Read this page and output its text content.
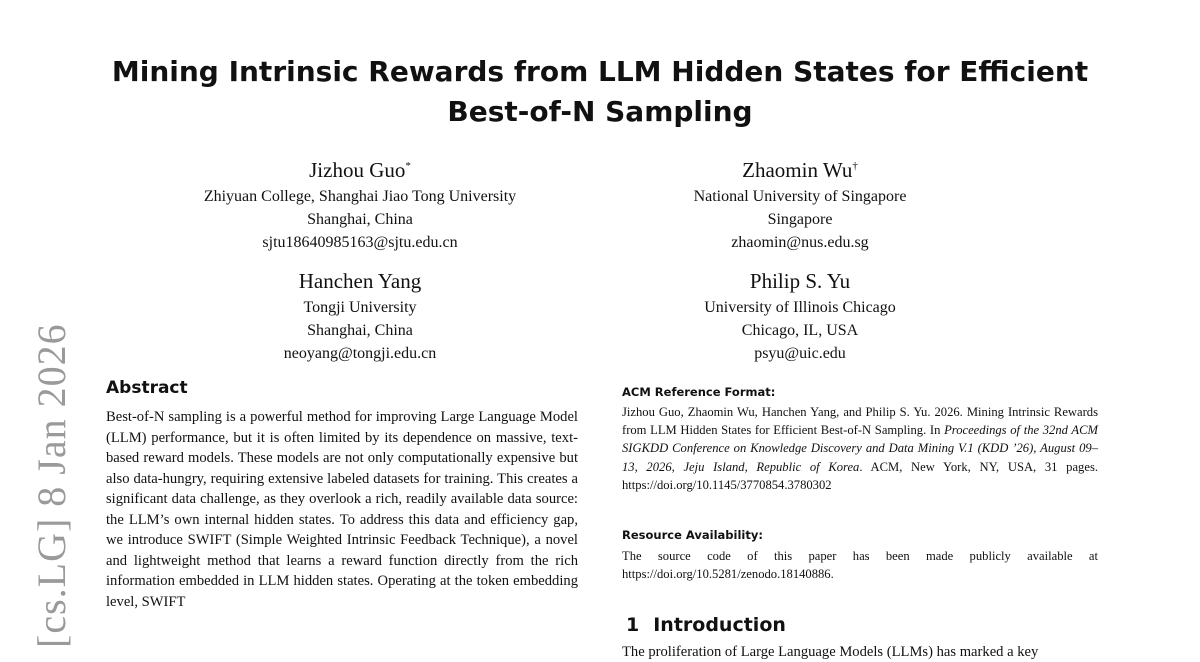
[cs.LG] 8 Jan 2026
Mining Intrinsic Rewards from LLM Hidden States for Efficient Best-of-N Sampling
Jizhou Guo*
Zhiyuan College, Shanghai Jiao Tong University
Shanghai, China
sjtu18640985163@sjtu.edu.cn
Zhaomin Wu†
National University of Singapore
Singapore
zhaomin@nus.edu.sg
Hanchen Yang
Tongji University
Shanghai, China
neoyang@tongji.edu.cn
Philip S. Yu
University of Illinois Chicago
Chicago, IL, USA
psyu@uic.edu
Abstract
Best-of-N sampling is a powerful method for improving Large Language Model (LLM) performance, but it is often limited by its dependence on massive, text-based reward models. These models are not only computationally expensive but also data-hungry, requiring extensive labeled datasets for training. This creates a significant data challenge, as they overlook a rich, readily available data source: the LLM’s own internal hidden states. To address this data and efficiency gap, we introduce SWIFT (Simple Weighted Intrinsic Feedback Technique), a novel and lightweight method that learns a reward function directly from the rich information embedded in LLM hidden states. Operating at the token embedding level, SWIFT
ACM Reference Format:
Jizhou Guo, Zhaomin Wu, Hanchen Yang, and Philip S. Yu. 2026. Mining Intrinsic Rewards from LLM Hidden States for Efficient Best-of-N Sampling. In Proceedings of the 32nd ACM SIGKDD Conference on Knowledge Discovery and Data Mining V.1 (KDD ’26), August 09–13, 2026, Jeju Island, Republic of Korea. ACM, New York, NY, USA, 31 pages. https://doi.org/10.1145/3770854.3780302
Resource Availability:
The source code of this paper has been made publicly available at https://doi.org/10.5281/zenodo.18140886.
1 Introduction
The proliferation of Large Language Models (LLMs) has marked a key
